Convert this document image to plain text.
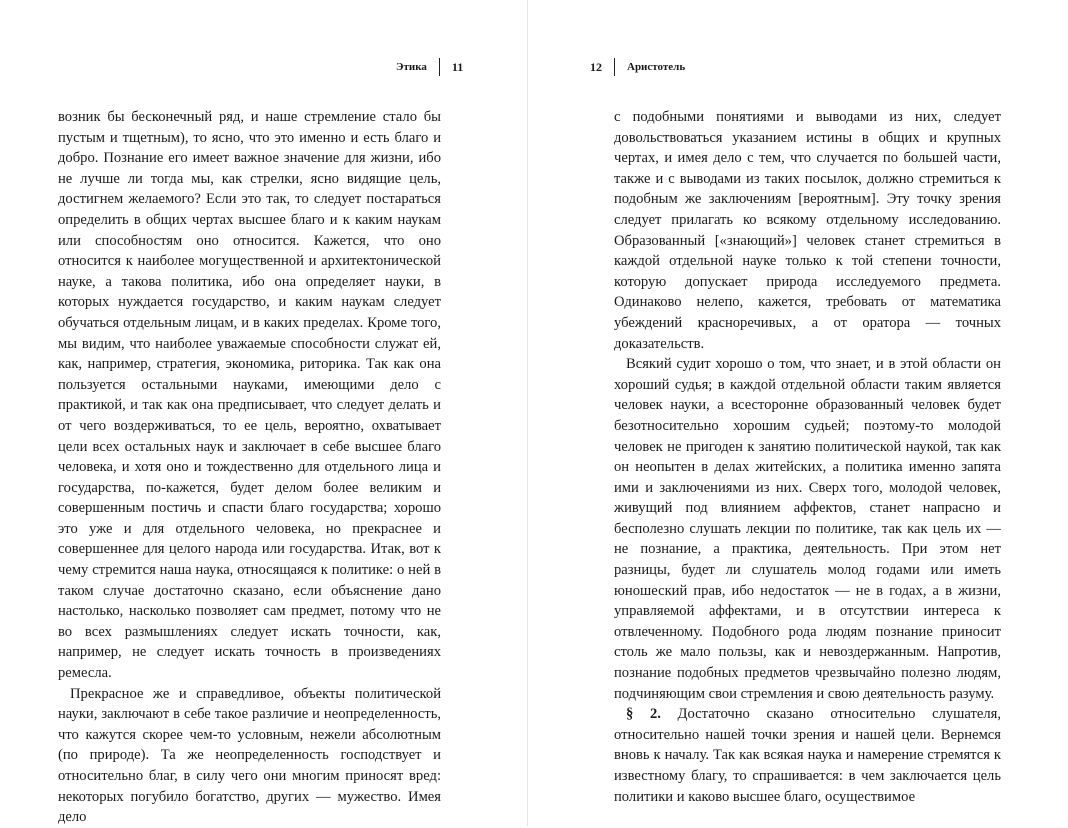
Этика 11

возник бы бесконечный ряд, и наше стремление стало бы пустым и тщетным), то ясно, что это именно и есть благо и добро. Познание его имеет важное значение для жизни, ибо не лучше ли тогда мы, как стрелки, ясно видящие цель, достигнем желаемого? Если это так, то следует постараться определить в общих чертах высшее благо и к каким наукам или способностям оно относится. Кажется, что оно относится к наиболее могущественной и архитектонической науке, а такова политика, ибо она определяет науки, в которых нуждается государство, и каким наукам следует обучаться отдельным лицам, и в каких пределах. Кроме того, мы видим, что наиболее уважаемые способности служат ей, как, например, стратегия, экономика, риторика. Так как она пользуется остальными науками, имеющими дело с практикой, и так как она предписывает, что следует делать и от чего воздерживаться, то ее цель, вероятно, охватывает цели всех остальных наук и заключает в себе высшее благо человека, и хотя оно и тождественно для отдельного лица и государства, по-кажется, будет делом более великим и совершенным постичь и спасти благо государства; хорошо это уже и для отдельного человека, но прекраснее и совершеннее для целого народа или государства. Итак, вот к чему стремится наша наука, относящаяся к политике: о ней в таком случае достаточно сказано, если объяснение дано настолько, насколько позволяет сам предмет, потому что не во всех размышлениях следует искать точности, как, например, не следует искать точность в произведениях ремесла.

Прекрасное же и справедливое, объекты политической науки, заключают в себе такое различие и неопределенность, что кажутся скорее чем-то условным, нежели абсолютным (по природе). Та же неопределенность господствует и относительно благ, в силу чего они многим приносят вред: некоторых погубило богатство, других — мужество. Имея дело

12 Аристотель

с подобными понятиями и выводами из них, следует довольствоваться указанием истины в общих и крупных чертах, и имея дело с тем, что случается по большей части, также и с выводами из таких посылок, должно стремиться к подобным же заключениям [вероятным]. Эту точку зрения следует прилагать ко всякому отдельному исследованию. Образованный [«знающий»] человек станет стремиться в каждой отдельной науке только к той степени точности, которую допускает природа исследуемого предмета. Одинаково нелепо, кажется, требовать от математика убеждений красноречивых, а от оратора — точных доказательств.

Всякий судит хорошо о том, что знает, и в этой области он хороший судья; в каждой отдельной области таким является человек науки, а всесторонне образованный человек будет безотносительно хорошим судьей; поэтому-то молодой человек не пригоден к занятию политической наукой, так как он неопытен в делах житейских, а политика именно запята ими и заключениями из них. Сверх того, молодой человек, живущий под влиянием аффектов, станет напрасно и бесполезно слушать лекции по политике, так как цель их — не познание, а практика, деятельность. При этом нет разницы, будет ли слушатель молод годами или иметь юношеский прав, ибо недостаток — не в годах, а в жизни, управляемой аффектами, и в отсутствии интереса к отвлеченному. Подобного рода людям познание приносит столь же мало пользы, как и невоздержанным. Напротив, познание подобных предметов чрезвычайно полезно людям, подчиняющим свои стремления и свою деятельность разуму.

§ 2. Достаточно сказано относительно слушателя, относительно нашей точки зрения и нашей цели. Вернемся вновь к началу. Так как всякая наука и намерение стремятся к известному благу, то спрашивается: в чем заключается цель политики и каково высшее благо, осуществимое
